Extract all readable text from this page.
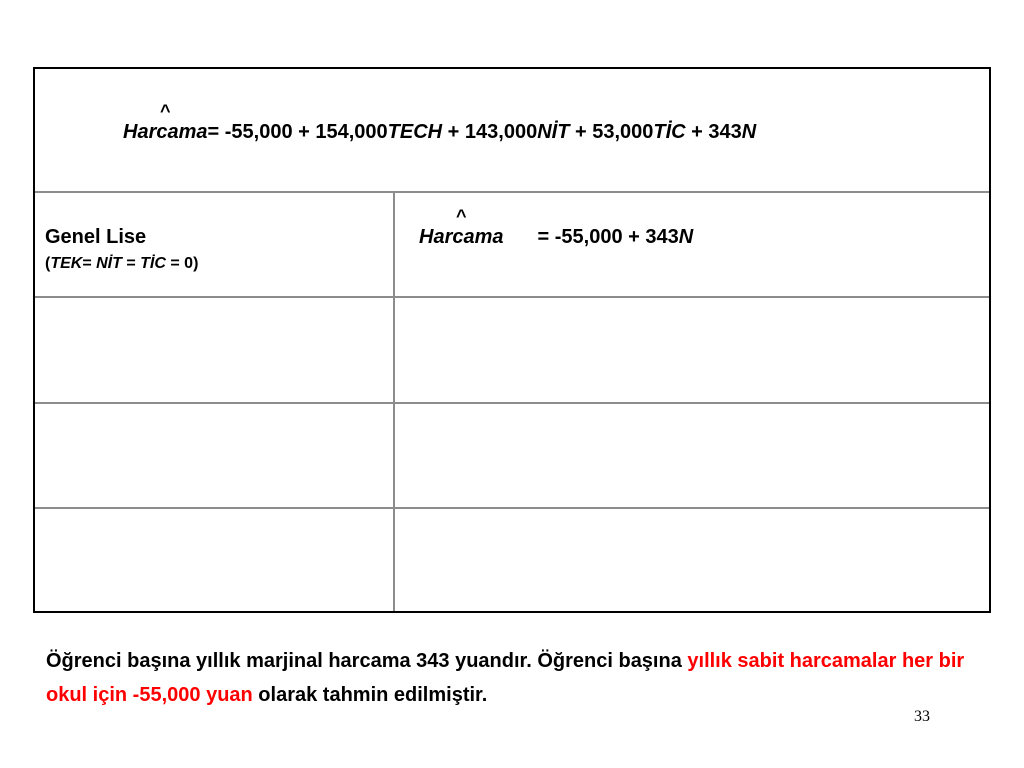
^
Harcama= -55,000 + 154,000TECH + 143,000NİT + 53,000TİC + 343N
Genel Lise
(TEK= NİT = TİC = 0)
^
Harcama = -55,000 + 343N
Öğrenci başına yıllık marjinal harcama 343 yuandır. Öğrenci başına yıllık sabit harcamalar her bir okul için -55,000 yuan olarak tahmin edilmiştir.
33
